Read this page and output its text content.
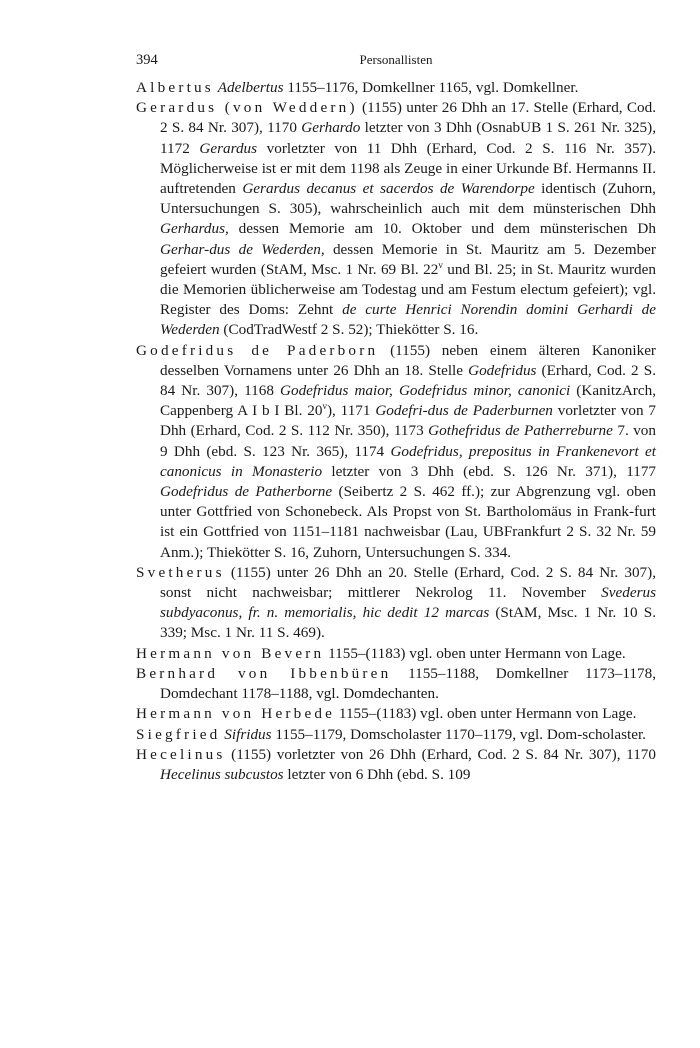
394	Personallisten

Albertus Adelbertus 1155–1176, Domkellner 1165, vgl. Domkellner.

Gerardus (von Weddern) (1155) unter 26 Dhh an 17. Stelle (Erhard, Cod. 2 S. 84 Nr. 307), 1170 Gerhardo letzter von 3 Dhh (OsnabUB 1 S. 261 Nr. 325), 1172 Gerardus vorletzter von 11 Dhh (Erhard, Cod. 2 S. 116 Nr. 357). Möglicherweise ist er mit dem 1198 als Zeuge in einer Urkunde Bf. Hermanns II. auftretenden Gerardus decanus et sacerdos de Warendorpe identisch (Zuhorn, Untersuchungen S. 305), wahrscheinlich auch mit dem münsterischen Dhh Gerhardus, dessen Memorie am 10. Oktober und dem münsterischen Dh Gerhar-dus de Wederden, dessen Memorie in St. Mauritz am 5. Dezember gefeiert wurden (StAM, Msc. 1 Nr. 69 Bl. 22$^v$ und Bl. 25; in St. Mauritz wurden die Memorien üblicherweise am Todestag und am Festum electum gefeiert); vgl. Register des Doms: Zehnt de curte Henrici Norendin domini Gerhardi de Wederden (CodTradWestf 2 S. 52); Thiekötter S. 16.

Godefridus de Paderborn (1155) neben einem älteren Kanoniker desselben Vornamens unter 26 Dhh an 18. Stelle Godefridus (Erhard, Cod. 2 S. 84 Nr. 307), 1168 Godefridus maior, Godefridus minor, canonici (KanitzArch, Cappenberg A I b I Bl. 20$^v$), 1171 Godefri-dus de Paderburnen vorletzter von 7 Dhh (Erhard, Cod. 2 S. 112 Nr. 350), 1173 Gothefridus de Patherreburne 7. von 9 Dhh (ebd. S. 123 Nr. 365), 1174 Godefridus, prepositus in Frankenevort et canonicus in Monasterio letzter von 3 Dhh (ebd. S. 126 Nr. 371), 1177 Godefridus de Patherborne (Seibertz 2 S. 462 ff.); zur Abgrenzung vgl. oben unter Gottfried von Schonebeck. Als Propst von St. Bartholomäus in Frank-furt ist ein Gottfried von 1151–1181 nachweisbar (Lau, UBFrankfurt 2 S. 32 Nr. 59 Anm.); Thiekötter S. 16, Zuhorn, Untersuchungen S. 334.

Svetherus (1155) unter 26 Dhh an 20. Stelle (Erhard, Cod. 2 S. 84 Nr. 307), sonst nicht nachweisbar; mittlerer Nekrolog 11. November Svederus subdyaconus, fr. n. memorialis, hic dedit 12 marcas (StAM, Msc. 1 Nr. 10 S. 339; Msc. 1 Nr. 11 S. 469).

Hermann von Bevern 1155–(1183) vgl. oben unter Hermann von Lage.

Bernhard von Ibbenbüren 1155–1188, Domkellner 1173–1178, Domdechant 1178–1188, vgl. Domdechanten.

Hermann von Herbede 1155–(1183) vgl. oben unter Hermann von Lage.

Siegfried Sifridus 1155–1179, Domscholaster 1170–1179, vgl. Dom-scholaster.

Hecelinus (1155) vorletzter von 26 Dhh (Erhard, Cod. 2 S. 84 Nr. 307), 1170 Hecelinus subcustos letzter von 6 Dhh (ebd. S. 109
